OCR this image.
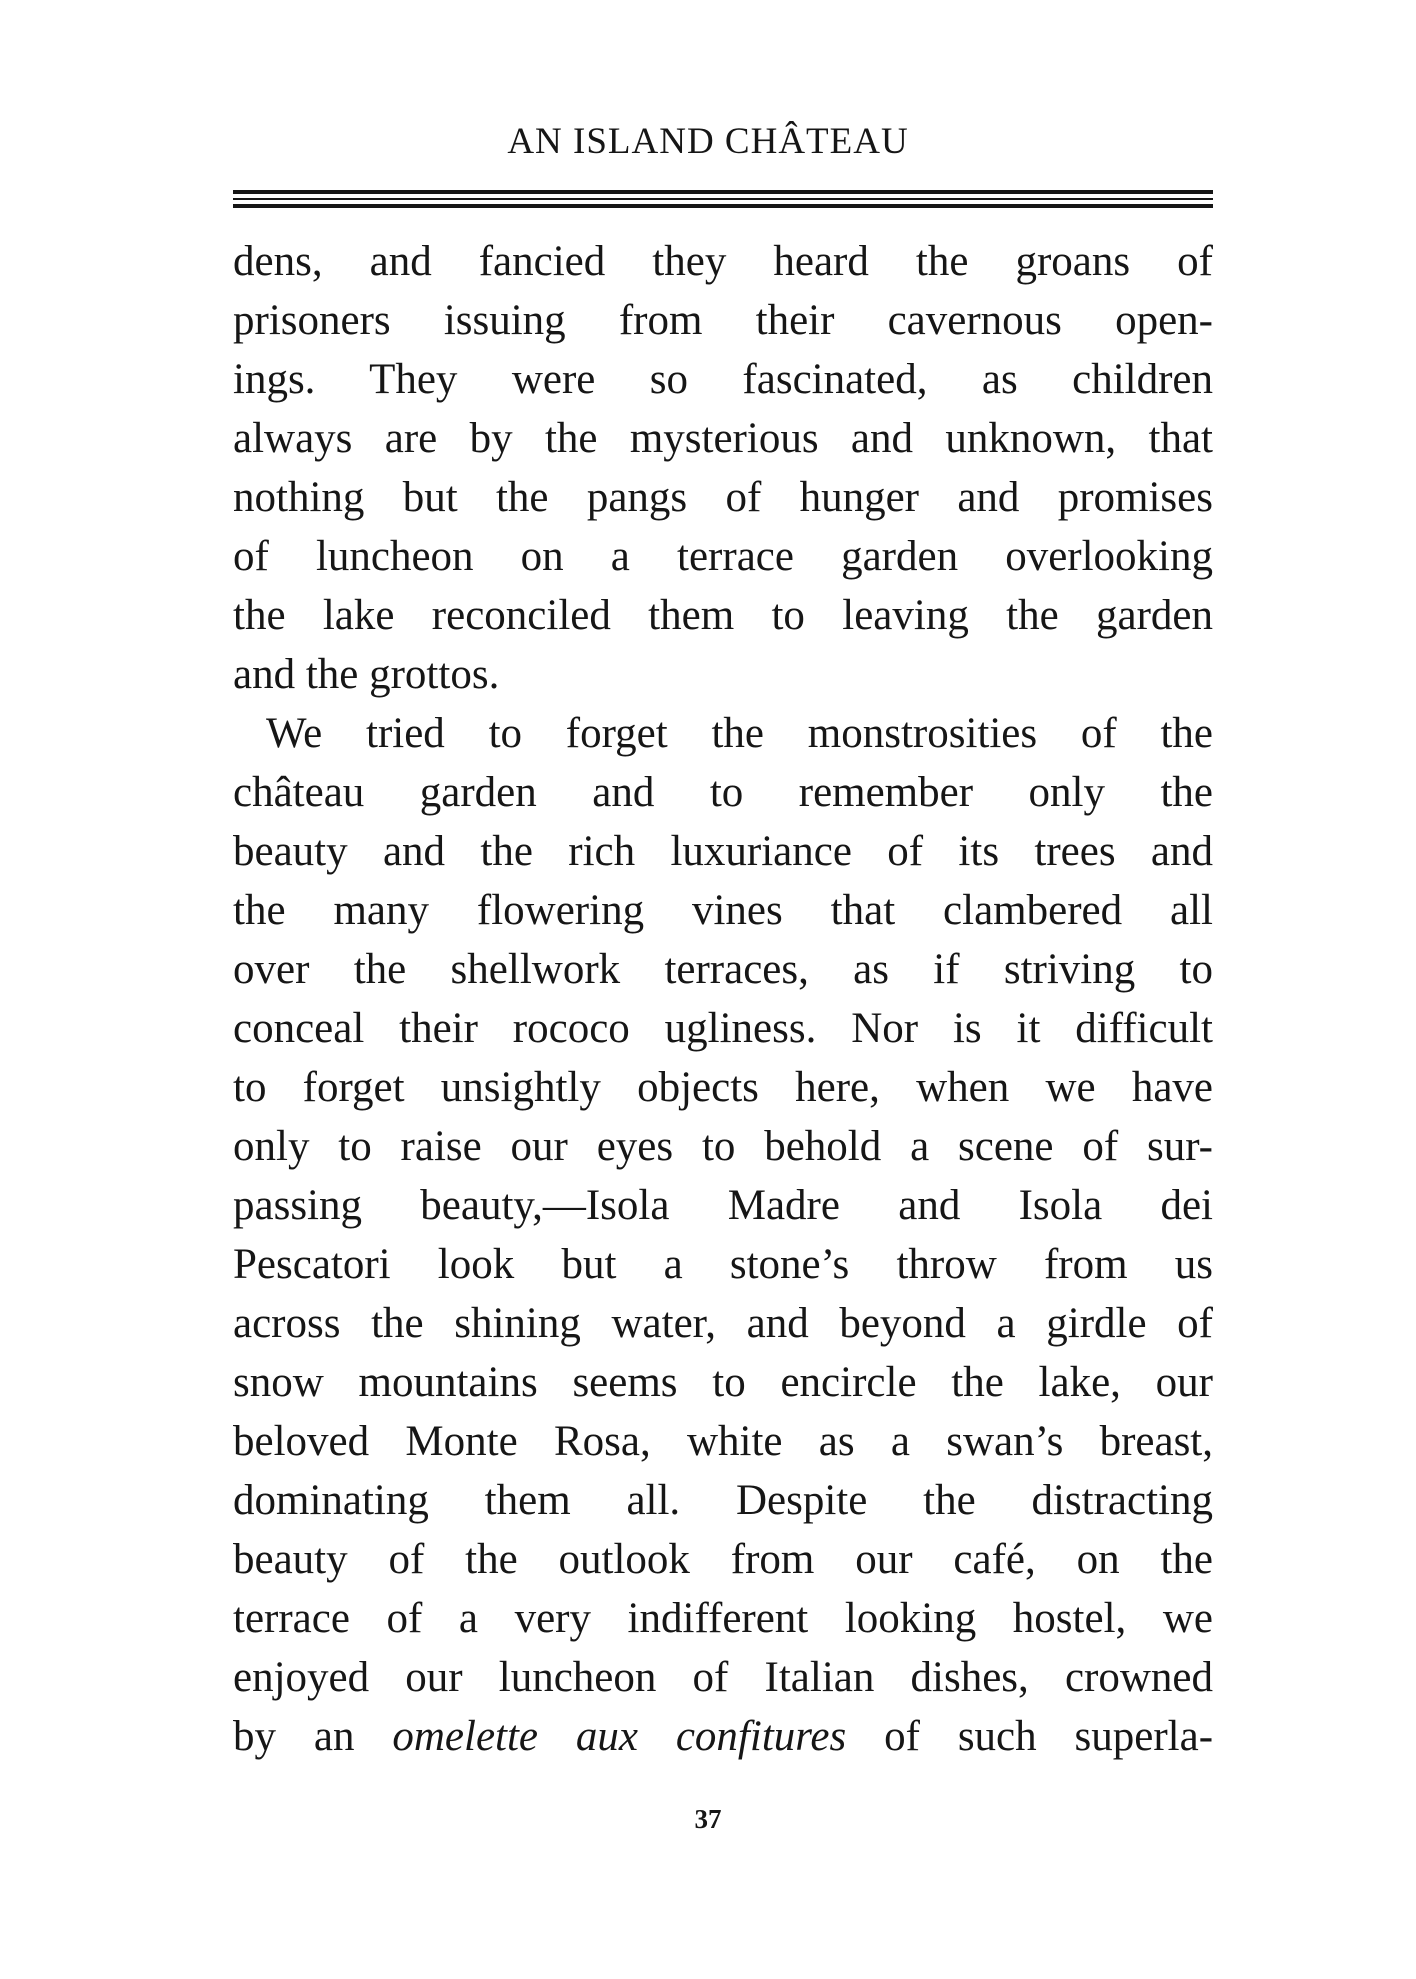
AN ISLAND CHÂTEAU
dens, and fancied they heard the groans of
prisoners issuing from their cavernous open-
ings. They were so fascinated, as children
always are by the mysterious and unknown, that
nothing but the pangs of hunger and promises
of luncheon on a terrace garden overlooking
the lake reconciled them to leaving the garden
and the grottos.
We tried to forget the monstrosities of the
château garden and to remember only the
beauty and the rich luxuriance of its trees and
the many flowering vines that clambered all
over the shellwork terraces, as if striving to
conceal their rococo ugliness. Nor is it difficult
to forget unsightly objects here, when we have
only to raise our eyes to behold a scene of sur-
passing beauty,—Isola Madre and Isola dei
Pescatori look but a stone’s throw from us
across the shining water, and beyond a girdle of
snow mountains seems to encircle the lake, our
beloved Monte Rosa, white as a swan’s breast,
dominating them all. Despite the distracting
beauty of the outlook from our café, on the
terrace of a very indifferent looking hostel, we
enjoyed our luncheon of Italian dishes, crowned
by an omelette aux confitures of such superla-
37
